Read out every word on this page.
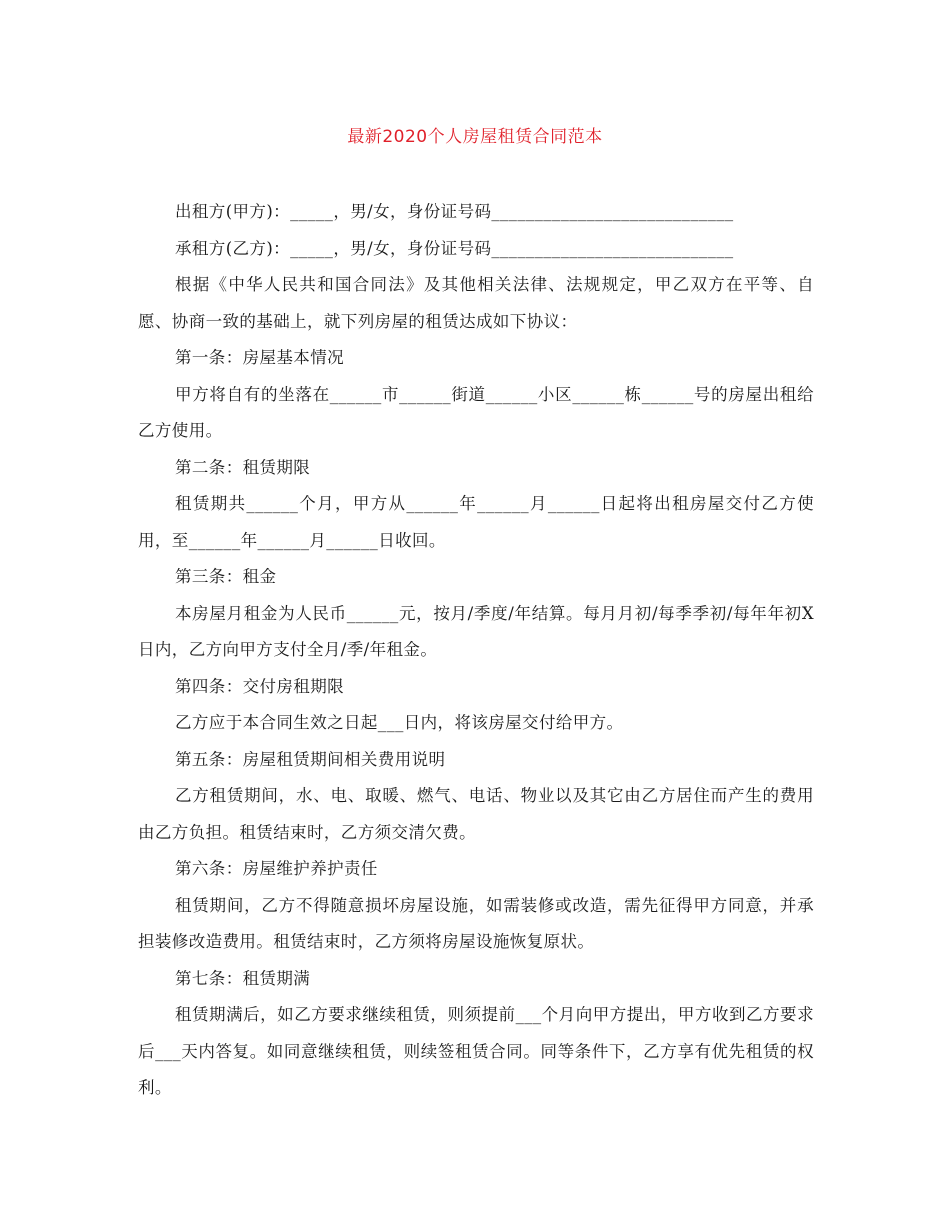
最新2020个人房屋租赁合同范本

出租方(甲方)：_____，男/女，身份证号码____________________________

承租方(乙方)：_____，男/女，身份证号码____________________________

根据《中华人民共和国合同法》及其他相关法律、法规规定，甲乙双方在平等、自愿、协商一致的基础上，就下列房屋的租赁达成如下协议：

第一条：房屋基本情况

甲方将自有的坐落在______市______街道______小区______栋______号的房屋出租给乙方使用。

第二条：租赁期限

租赁期共______个月，甲方从______年______月______日起将出租房屋交付乙方使用，至______年______月______日收回。

第三条：租金

本房屋月租金为人民币______元，按月/季度/年结算。每月月初/每季季初/每年年初X日内，乙方向甲方支付全月/季/年租金。

第四条：交付房租期限

乙方应于本合同生效之日起___日内，将该房屋交付给甲方。

第五条：房屋租赁期间相关费用说明

乙方租赁期间，水、电、取暖、燃气、电话、物业以及其它由乙方居住而产生的费用由乙方负担。租赁结束时，乙方须交清欠费。

第六条：房屋维护养护责任

租赁期间，乙方不得随意损坏房屋设施，如需装修或改造，需先征得甲方同意，并承担装修改造费用。租赁结束时，乙方须将房屋设施恢复原状。

第七条：租赁期满

租赁期满后，如乙方要求继续租赁，则须提前___个月向甲方提出，甲方收到乙方要求后___天内答复。如同意继续租赁，则续签租赁合同。同等条件下，乙方享有优先租赁的权利。
